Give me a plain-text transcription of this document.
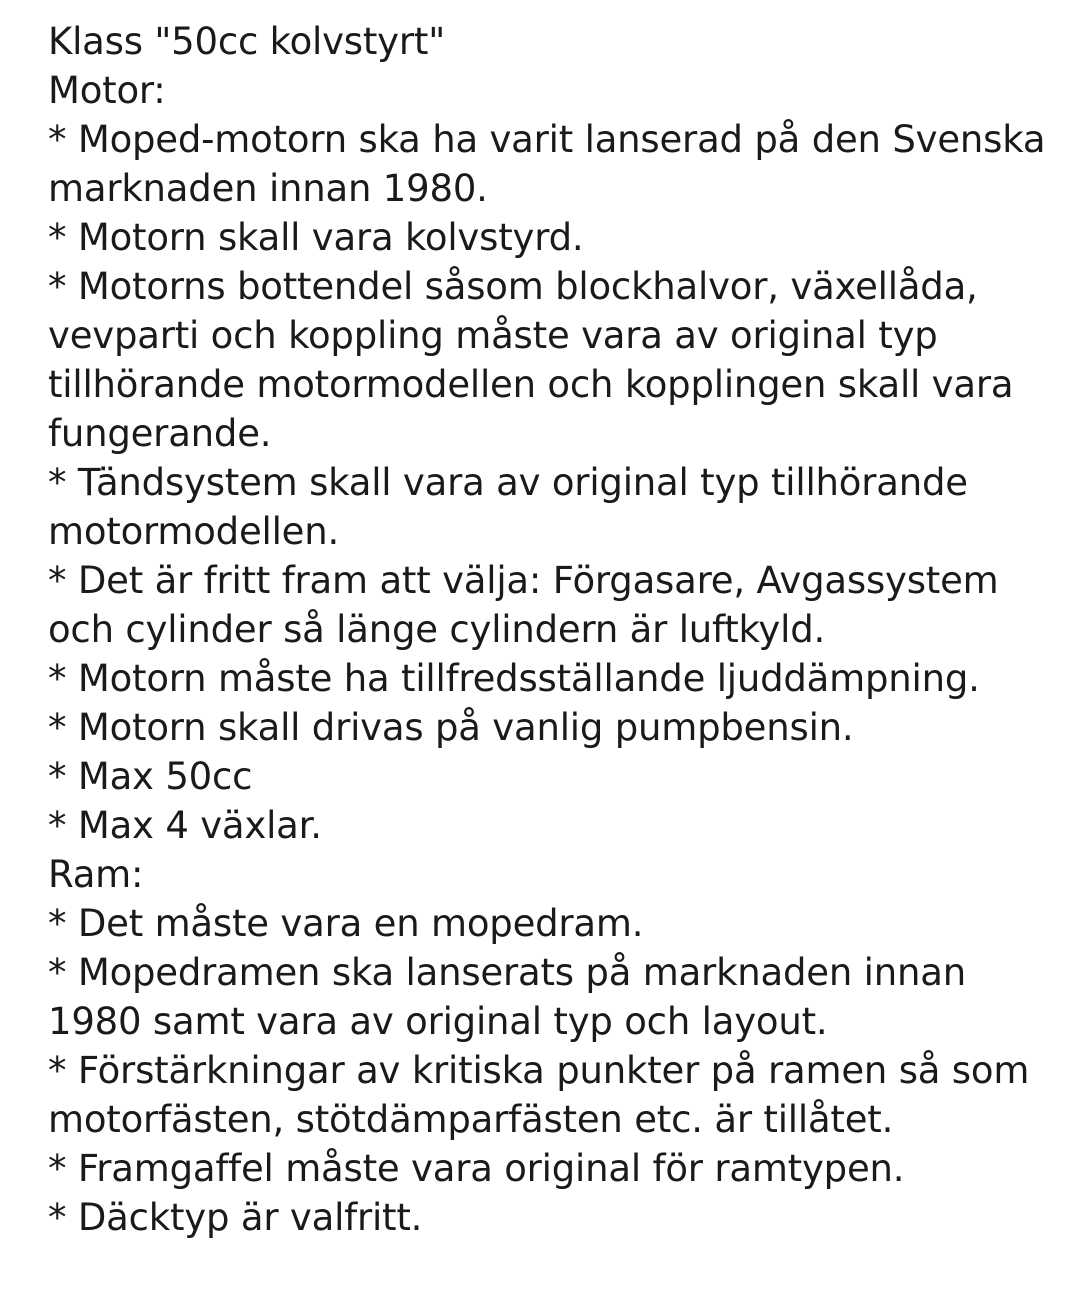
Klass "50cc kolvstyrt"

Motor:

* Moped-motorn ska ha varit lanserad på den Svenska marknaden innan 1980.

* Motorn skall vara kolvstyrd.

* Motorns bottendel såsom blockhalvor, växellåda, vevparti och koppling måste vara av original typ tillhörande motormodellen och kopplingen skall vara fungerande.

* Tändsystem skall vara av original typ tillhörande motormodellen.

* Det är fritt fram att välja: Förgasare, Avgassystem och cylinder så länge cylindern är luftkyld.

* Motorn måste ha tillfredsställande ljuddämpning.

* Motorn skall drivas på vanlig pumpbensin.

* Max 50cc

* Max 4 växlar.

Ram:

* Det måste vara en mopedram.

* Mopedramen ska lanserats på marknaden innan 1980 samt vara av original typ och layout.

* Förstärkningar av kritiska punkter på ramen så som motorfästen, stötdämparfästen etc. är tillåtet.

* Framgaffel måste vara original för ramtypen.

* Däcktyp är valfritt.
